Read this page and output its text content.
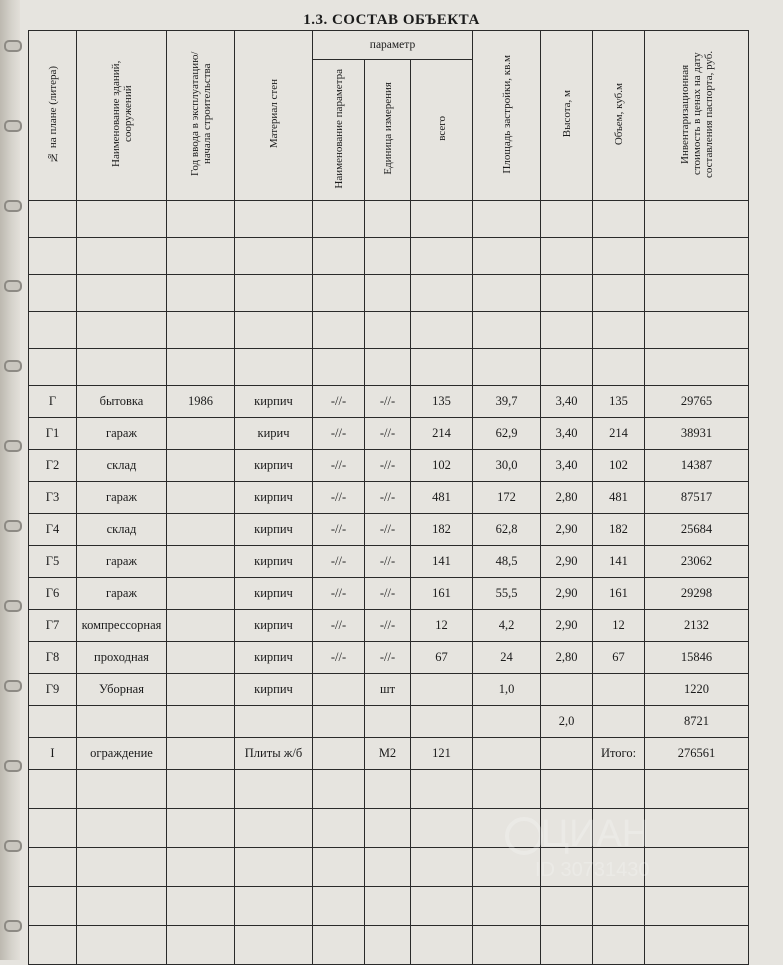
1.3. СОСТАВ ОБЪЕКТА
№ на плане (литера)	Наименование зданий, сооружений	Год ввода в эксплуатацию/начала строительства	Материал стен	параметр			Площадь застройки, кв.м	Высота, м	Объем, куб.м	Инвентаризационная стоимость в ценах на дату составления паспорта, руб.
				Наименование параметра	Единица измерения	всего				

Г	бытовка	1986	кирпич	-//-	-//-	135	39,7	3,40	135	29765
Г1	гараж		кирич	-//-	-//-	214	62,9	3,40	214	38931
Г2	склад		кирпич	-//-	-//-	102	30,0	3,40	102	14387
Г3	гараж		кирпич	-//-	-//-	481	172	2,80	481	87517
Г4	склад		кирпич	-//-	-//-	182	62,8	2,90	182	25684
Г5	гараж		кирпич	-//-	-//-	141	48,5	2,90	141	23062
Г6	гараж		кирпич	-//-	-//-	161	55,5	2,90	161	29298
Г7	компрессорная		кирпич	-//-	-//-	12	4,2	2,90	12	2132
Г8	проходная		кирпич	-//-	-//-	67	24	2,80	67	15846
Г9	Уборная		кирпич		шт		1,0			1220
								2,0		8721
I	ограждение		Плиты ж/б		М2	121			Итого:	276561

ЦИАН
ID 30731430
